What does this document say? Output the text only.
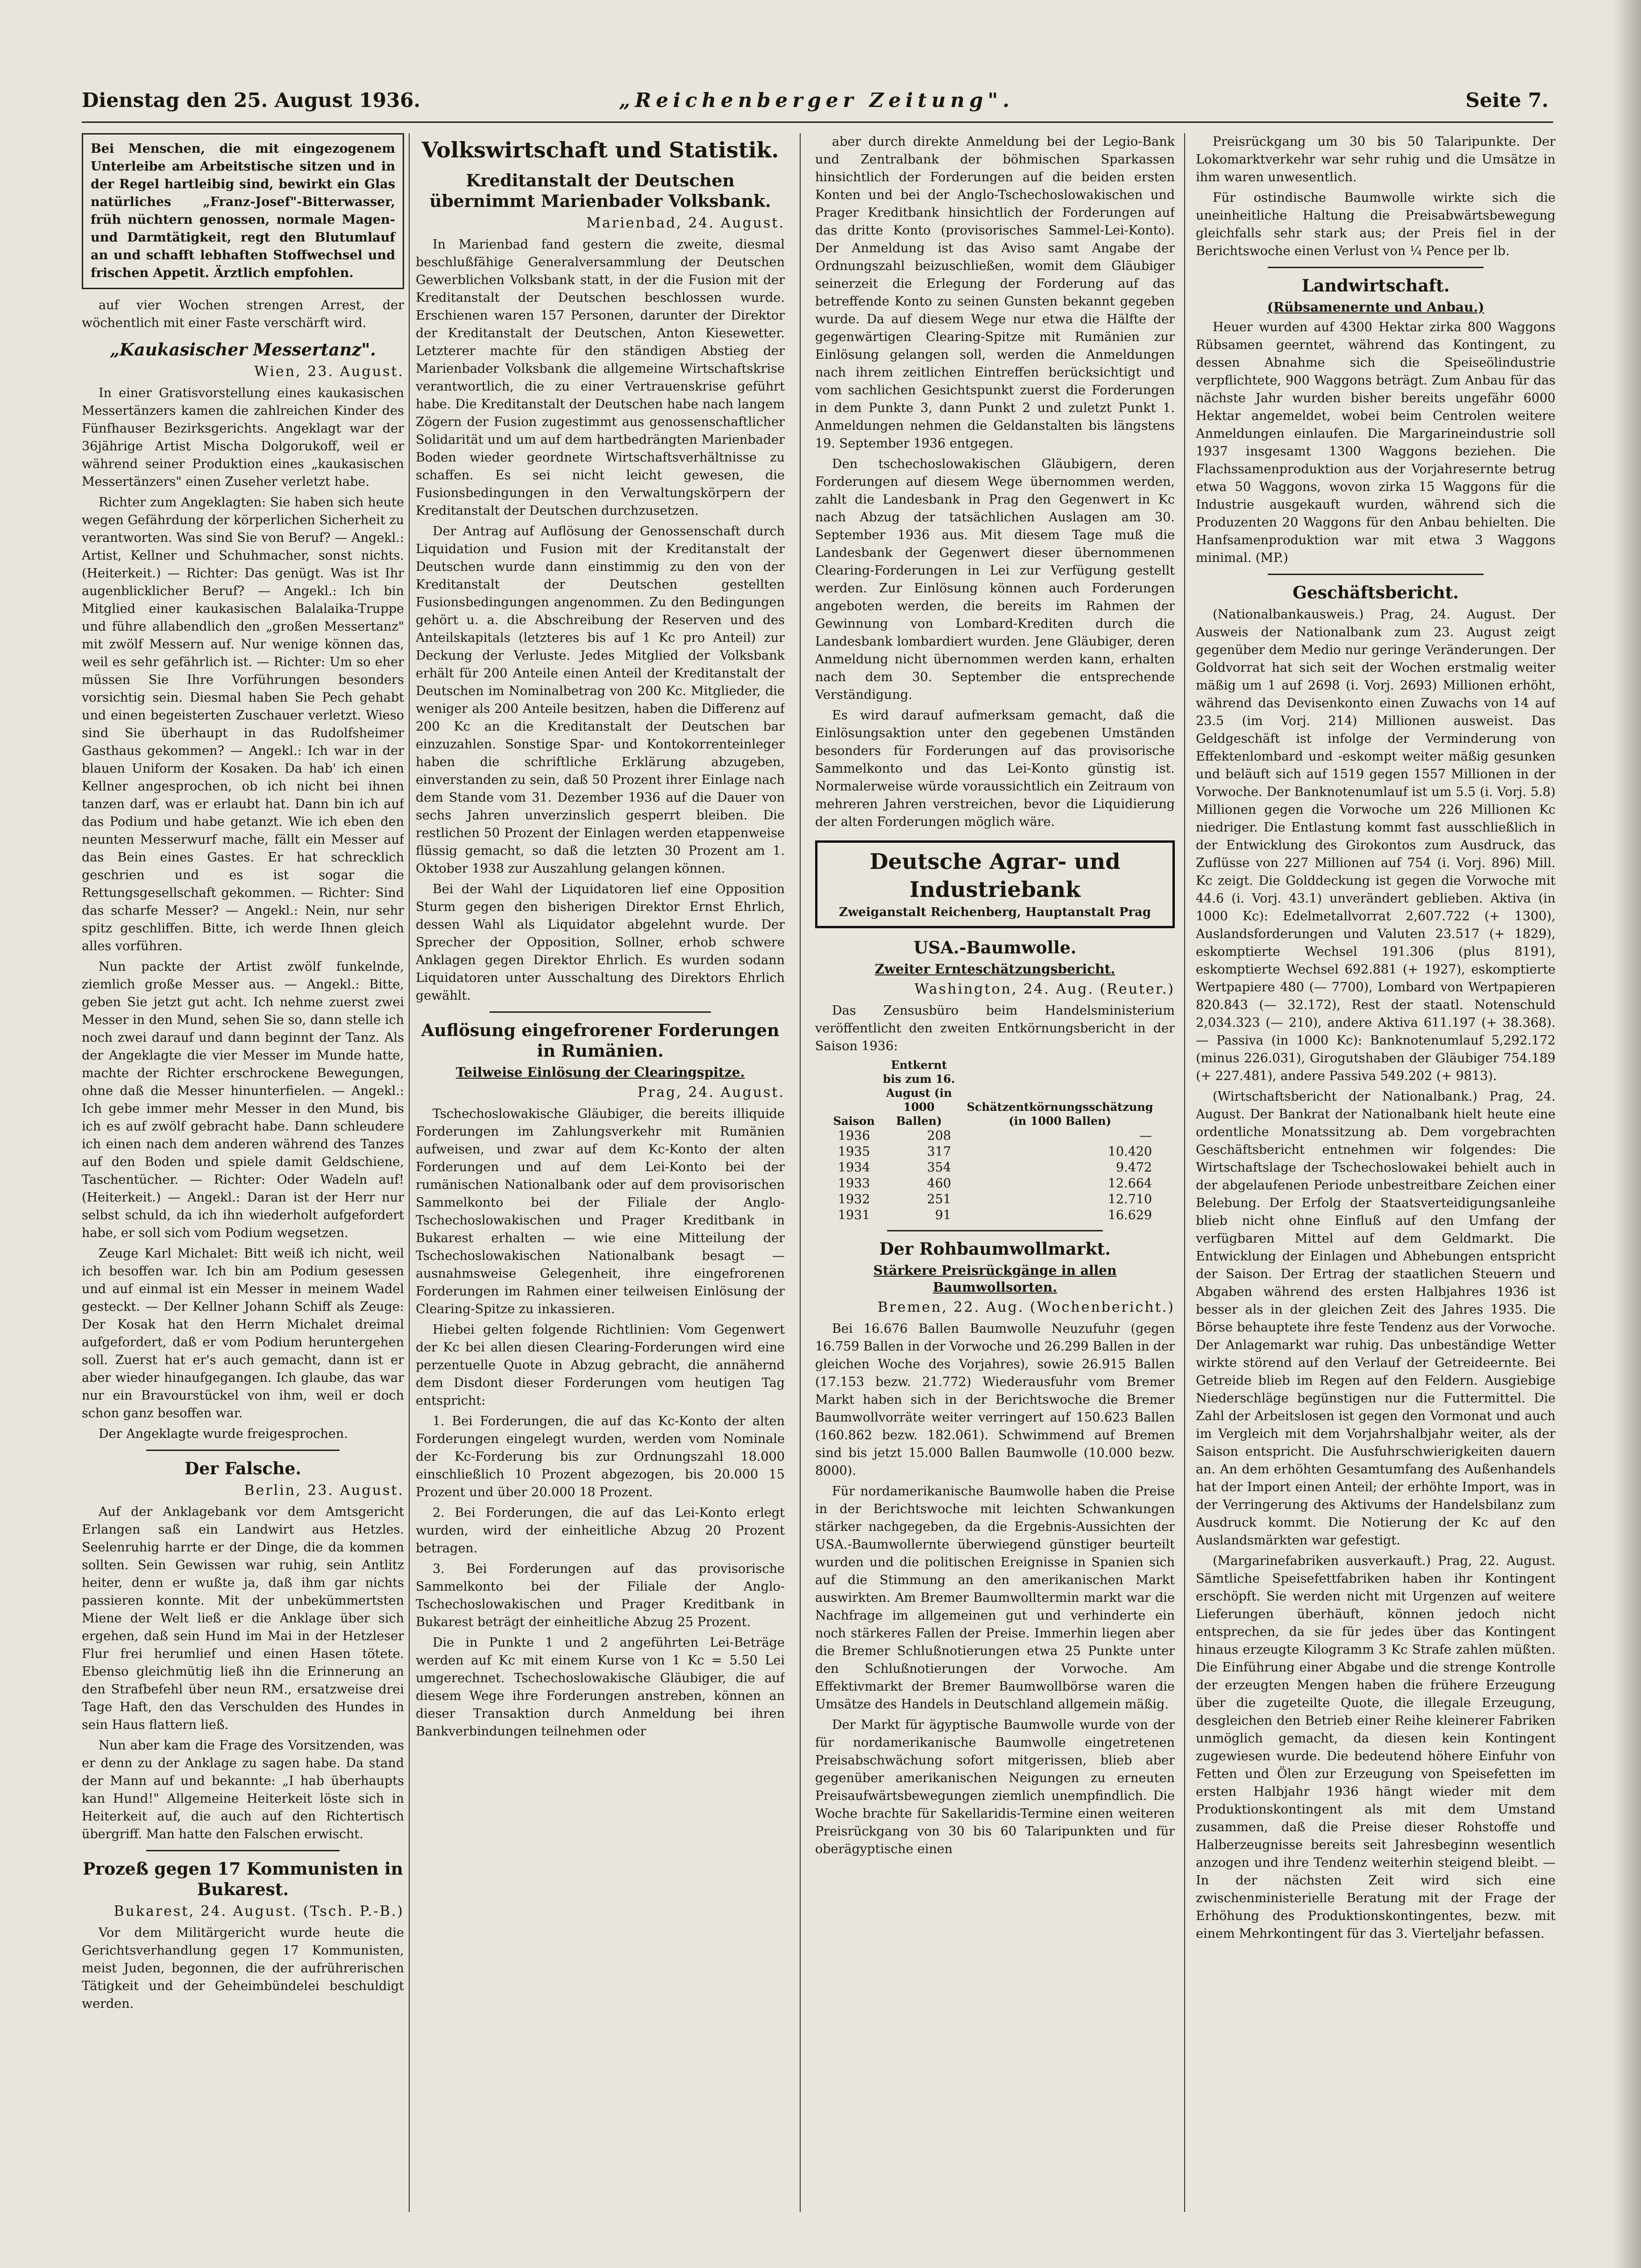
Dienstag den 25. August 1936.	„Reichenberger Zeitung".	Seite 7.
Bei Menschen, die mit eingezogenem Unterleibe am Arbeitstische sitzen und in der Regel hartleibig sind, bewirkt ein Glas natürliches „Franz-Josef"-Bitterwasser, früh nüchtern genossen, normale Magen- und Darmtätigkeit, regt den Blutumlauf an und schafft lebhaften Stoffwechsel und frischen Appetit. Ärztlich empfohlen.

auf vier Wochen strengen Arrest, der wöchentlich mit einer Faste verschärft wird.

„Kaukasischer Messertanz".

Wien, 23. August.

In einer Gratisvorstellung eines kaukasischen Messertänzers kamen die zahlreichen Kinder des Fünfhauser Bezirksgerichts. Angeklagt war der 36jährige Artist Mischa Dolgorukoff, weil er während seiner Produktion eines „kaukasischen Messertänzers" einen Zuseher verletzt habe.

Richter zum Angeklagten: Sie haben sich heute wegen Gefährdung der körperlichen Sicherheit zu verantworten. Was sind Sie von Beruf? — Angekl.: Artist, Kellner und Schuhmacher, sonst nichts. (Heiterkeit.) — Richter: Das genügt. Was ist Ihr augenblicklicher Beruf? — Angekl.: Ich bin Mitglied einer kaukasischen Balalaika-Truppe und führe allabendlich den „großen Messertanz" mit zwölf Messern auf. Nur wenige können das, weil es sehr gefährlich ist. — Richter: Um so eher müssen Sie Ihre Vorführungen besonders vorsichtig sein. Diesmal haben Sie Pech gehabt und einen begeisterten Zuschauer verletzt. Wieso sind Sie überhaupt in das Rudolfsheimer Gasthaus gekommen? — Angekl.: Ich war in der blauen Uniform der Kosaken. Da hab' ich einen Kellner angesprochen, ob ich nicht bei ihnen tanzen darf, was er erlaubt hat. Dann bin ich auf das Podium und habe getanzt. Wie ich eben den neunten Messerwurf mache, fällt ein Messer auf das Bein eines Gastes. Er hat schrecklich geschrien und es ist sogar die Rettungsgesellschaft gekommen. — Richter: Sind das scharfe Messer? — Angekl.: Nein, nur sehr spitz geschliffen. Bitte, ich werde Ihnen gleich alles vorführen.

Nun packte der Artist zwölf funkelnde, ziemlich große Messer aus. — Angekl.: Bitte, geben Sie jetzt gut acht. Ich nehme zuerst zwei Messer in den Mund, sehen Sie so, dann stelle ich noch zwei darauf und dann beginnt der Tanz. Als der Angeklagte die vier Messer im Munde hatte, machte der Richter erschrockene Bewegungen, ohne daß die Messer hinunterfielen. — Angekl.: Ich gebe immer mehr Messer in den Mund, bis ich es auf zwölf gebracht habe. Dann schleudere ich einen nach dem anderen während des Tanzes auf den Boden und spiele damit Geldschiene, Taschentücher. — Richter: Oder Wadeln auf! (Heiterkeit.) — Angekl.: Daran ist der Herr nur selbst schuld, da ich ihn wiederholt aufgefordert habe, er soll sich vom Podium wegsetzen.

Zeuge Karl Michalet: Bitt weiß ich nicht, weil ich besoffen war. Ich bin am Podium gesessen und auf einmal ist ein Messer in meinem Wadel gesteckt. — Der Kellner Johann Schiff als Zeuge: Der Kosak hat den Herrn Michalet dreimal aufgefordert, daß er vom Podium heruntergehen soll. Zuerst hat er's auch gemacht, dann ist er aber wieder hinaufgegangen. Ich glaube, das war nur ein Bravourstückel von ihm, weil er doch schon ganz besoffen war.

Der Angeklagte wurde freigesprochen.

Der Falsche.

Berlin, 23. August.

Auf der Anklagebank vor dem Amtsgericht Erlangen saß ein Landwirt aus Hetzles. Seelenruhig harrte er der Dinge, die da kommen sollten. Sein Gewissen war ruhig, sein Antlitz heiter, denn er wußte ja, daß ihm gar nichts passieren konnte. Mit der unbekümmertsten Miene der Welt ließ er die Anklage über sich ergehen, daß sein Hund im Mai in der Hetzleser Flur frei herumlief und einen Hasen tötete. Ebenso gleichmütig ließ ihn die Erinnerung an den Strafbefehl über neun RM., ersatzweise drei Tage Haft, den das Verschulden des Hundes in sein Haus flattern ließ.

Nun aber kam die Frage des Vorsitzenden, was er denn zu der Anklage zu sagen habe. Da stand der Mann auf und bekannte: „I hab überhaupts kan Hund!" Allgemeine Heiterkeit löste sich in Heiterkeit auf, die auch auf den Richtertisch übergriff. Man hatte den Falschen erwischt.

Prozeß gegen 17 Kommunisten in Bukarest.

Bukarest, 24. August. (Tsch. P.-B.)

Vor dem Militärgericht wurde heute die Gerichtsverhandlung gegen 17 Kommunisten, meist Juden, begonnen, die der aufrührerischen Tätigkeit und der Geheimbündelei beschuldigt werden.

Volkswirtschaft und Statistik.
Kreditanstalt der Deutschen übernimmt Marienbader Volksbank.

Marienbad, 24. August.

In Marienbad fand gestern die zweite, diesmal beschlußfähige Generalversammlung der Deutschen Gewerblichen Volksbank statt, in der die Fusion mit der Kreditanstalt der Deutschen beschlossen wurde. Erschienen waren 157 Personen, darunter der Direktor der Kreditanstalt der Deutschen, Anton Kiesewetter. Letzterer machte für den ständigen Abstieg der Marienbader Volksbank die allgemeine Wirtschaftskrise verantwortlich, die zu einer Vertrauenskrise geführt habe. Die Kreditanstalt der Deutschen habe nach langem Zögern der Fusion zugestimmt aus genossenschaftlicher Solidarität und um auf dem hartbedrängten Marienbader Boden wieder geordnete Wirtschaftsverhältnisse zu schaffen. Es sei nicht leicht gewesen, die Fusionsbedingungen in den Verwaltungskörpern der Kreditanstalt der Deutschen durchzusetzen.

Der Antrag auf Auflösung der Genossenschaft durch Liquidation und Fusion mit der Kreditanstalt der Deutschen wurde dann einstimmig zu den von der Kreditanstalt der Deutschen gestellten Fusionsbedingungen angenommen. Zu den Bedingungen gehört u. a. die Abschreibung der Reserven und des Anteilskapitals (letzteres bis auf 1 Kc pro Anteil) zur Deckung der Verluste. Jedes Mitglied der Volksbank erhält für 200 Anteile einen Anteil der Kreditanstalt der Deutschen im Nominalbetrag von 200 Kc. Mitglieder, die weniger als 200 Anteile besitzen, haben die Differenz auf 200 Kc an die Kreditanstalt der Deutschen bar einzuzahlen. Sonstige Spar- und Kontokorrenteinleger haben die schriftliche Erklärung abzugeben, einverstanden zu sein, daß 50 Prozent ihrer Einlage nach dem Stande vom 31. Dezember 1936 auf die Dauer von sechs Jahren unverzinslich gesperrt bleiben. Die restlichen 50 Prozent der Einlagen werden etappenweise flüssig gemacht, so daß die letzten 30 Prozent am 1. Oktober 1938 zur Auszahlung gelangen können.

Bei der Wahl der Liquidatoren lief eine Opposition Sturm gegen den bisherigen Direktor Ernst Ehrlich, dessen Wahl als Liquidator abgelehnt wurde. Der Sprecher der Opposition, Sollner, erhob schwere Anklagen gegen Direktor Ehrlich. Es wurden sodann Liquidatoren unter Ausschaltung des Direktors Ehrlich gewählt.

Auflösung eingefrorener Forderungen in Rumänien.
Teilweise Einlösung der Clearingspitze.

Prag, 24. August.

Tschechoslowakische Gläubiger, die bereits illiquide Forderungen im Zahlungsverkehr mit Rumänien aufweisen, und zwar auf dem Kc-Konto der alten Forderungen und auf dem Lei-Konto bei der rumänischen Nationalbank oder auf dem provisorischen Sammelkonto bei der Filiale der Anglo-Tschechoslowakischen und Prager Kreditbank in Bukarest erhalten — wie eine Mitteilung der Tschechoslowakischen Nationalbank besagt — ausnahmsweise Gelegenheit, ihre eingefrorenen Forderungen im Rahmen einer teilweisen Einlösung der Clearing-Spitze zu inkassieren.

Hiebei gelten folgende Richtlinien: Vom Gegenwert der Kc bei allen diesen Clearing-Forderungen wird eine perzentuelle Quote in Abzug gebracht, die annähernd dem Disdont dieser Forderungen vom heutigen Tag entspricht:

1. Bei Forderungen, die auf das Kc-Konto der alten Forderungen eingelegt wurden, werden vom Nominale der Kc-Forderung bis zur Ordnungszahl 18.000 einschließlich 10 Prozent abgezogen, bis 20.000 15 Prozent und über 20.000 18 Prozent.

2. Bei Forderungen, die auf das Lei-Konto erlegt wurden, wird der einheitliche Abzug 20 Prozent betragen.

3. Bei Forderungen auf das provisorische Sammelkonto bei der Filiale der Anglo-Tschechoslowakischen und Prager Kreditbank in Bukarest beträgt der einheitliche Abzug 25 Prozent.

Die in Punkte 1 und 2 angeführten Lei-Beträge werden auf Kc mit einem Kurse von 1 Kc = 5.50 Lei umgerechnet. Tschechoslowakische Gläubiger, die auf diesem Wege ihre Forderungen anstreben, können an dieser Transaktion durch Anmeldung bei ihren Bankverbindungen teilnehmen oder

aber durch direkte Anmeldung bei der Legio-Bank und Zentralbank der böhmischen Sparkassen hinsichtlich der Forderungen auf die beiden ersten Konten und bei der Anglo-Tschechoslowakischen und Prager Kreditbank hinsichtlich der Forderungen auf das dritte Konto (provisorisches Sammel-Lei-Konto). Der Anmeldung ist das Aviso samt Angabe der Ordnungszahl beizuschließen, womit dem Gläubiger seinerzeit die Erlegung der Forderung auf das betreffende Konto zu seinen Gunsten bekannt gegeben wurde. Da auf diesem Wege nur etwa die Hälfte der gegenwärtigen Clearing-Spitze mit Rumänien zur Einlösung gelangen soll, werden die Anmeldungen nach ihrem zeitlichen Eintreffen berücksichtigt und vom sachlichen Gesichtspunkt zuerst die Forderungen in dem Punkte 3, dann Punkt 2 und zuletzt Punkt 1. Anmeldungen nehmen die Geldanstalten bis längstens 19. September 1936 entgegen.

Den tschechoslowakischen Gläubigern, deren Forderungen auf diesem Wege übernommen werden, zahlt die Landesbank in Prag den Gegenwert in Kc nach Abzug der tatsächlichen Auslagen am 30. September 1936 aus. Mit diesem Tage muß die Landesbank der Gegenwert dieser übernommenen Clearing-Forderungen in Lei zur Verfügung gestellt werden. Zur Einlösung können auch Forderungen angeboten werden, die bereits im Rahmen der Gewinnung von Lombard-Krediten durch die Landesbank lombardiert wurden. Jene Gläubiger, deren Anmeldung nicht übernommen werden kann, erhalten nach dem 30. September die entsprechende Verständigung.

Es wird darauf aufmerksam gemacht, daß die Einlösungsaktion unter den gegebenen Umständen besonders für Forderungen auf das provisorische Sammelkonto und das Lei-Konto günstig ist. Normalerweise würde voraussichtlich ein Zeitraum von mehreren Jahren verstreichen, bevor die Liquidierung der alten Forderungen möglich wäre.

Deutsche Agrar- und Industriebank
Zweiganstalt Reichenberg, Hauptanstalt Prag
USA.-Baumwolle.
Zweiter Ernteschätzungsbericht.

Washington, 24. Aug. (Reuter.)

Das Zensusbüro beim Handelsministerium veröffentlicht den zweiten Entkörnungsbericht in der Saison 1936:

Saison	Entkernt bis zum 16. August (in 1000 Ballen)	Schätzentkörnungsschätzung (in 1000 Ballen)
1936	208	—
1935	317	10.420
1934	354	9.472
1933	460	12.664
1932	251	12.710
1931	91	16.629
Der Rohbaumwollmarkt.
Stärkere Preisrückgänge in allen Baumwollsorten.

Bremen, 22. Aug. (Wochenbericht.)

Bei 16.676 Ballen Baumwolle Neuzufuhr (gegen 16.759 Ballen in der Vorwoche und 26.299 Ballen in der gleichen Woche des Vorjahres), sowie 26.915 Ballen (17.153 bezw. 21.772) Wiederausfuhr vom Bremer Markt haben sich in der Berichtswoche die Bremer Baumwollvorräte weiter verringert auf 150.623 Ballen (160.862 bezw. 182.061). Schwimmend auf Bremen sind bis jetzt 15.000 Ballen Baumwolle (10.000 bezw. 8000).

Für nordamerikanische Baumwolle haben die Preise in der Berichtswoche mit leichten Schwankungen stärker nachgegeben, da die Ergebnis-Aussichten der USA.-Baumwollernte überwiegend günstiger beurteilt wurden und die politischen Ereignisse in Spanien sich auf die Stimmung an den amerikanischen Markt auswirkten. Am Bremer Baumwolltermin markt war die Nachfrage im allgemeinen gut und verhinderte ein noch stärkeres Fallen der Preise. Immerhin liegen aber die Bremer Schlußnotierungen etwa 25 Punkte unter den Schlußnotierungen der Vorwoche. Am Effektivmarkt der Bremer Baumwollbörse waren die Umsätze des Handels in Deutschland allgemein mäßig.

Der Markt für ägyptische Baumwolle wurde von der für nordamerikanische Baumwolle eingetretenen Preisabschwächung sofort mitgerissen, blieb aber gegenüber amerikanischen Neigungen zu erneuten Preisaufwärtsbewegungen ziemlich unempfindlich. Die Woche brachte für Sakellaridis-Termine einen weiteren Preisrückgang von 30 bis 60 Talaripunkten und für oberägyptische einen

Preisrückgang um 30 bis 50 Talaripunkte. Der Lokomarktverkehr war sehr ruhig und die Umsätze in ihm waren unwesentlich.

Für ostindische Baumwolle wirkte sich die uneinheitliche Haltung die Preisabwärtsbewegung gleichfalls sehr stark aus; der Preis fiel in der Berichtswoche einen Verlust von ¼ Pence per lb.

Landwirtschaft.
(Rübsamenernte und Anbau.)

Heuer wurden auf 4300 Hektar zirka 800 Waggons Rübsamen geerntet, während das Kontingent, zu dessen Abnahme sich die Speiseölindustrie verpflichtete, 900 Waggons beträgt. Zum Anbau für das nächste Jahr wurden bisher bereits ungefähr 6000 Hektar angemeldet, wobei beim Centrolen weitere Anmeldungen einlaufen. Die Margarineindustrie soll 1937 insgesamt 1300 Waggons beziehen. Die Flachssamenproduktion aus der Vorjahresernte betrug etwa 50 Waggons, wovon zirka 15 Waggons für die Industrie ausgekauft wurden, während sich die Produzenten 20 Waggons für den Anbau behielten. Die Hanfsamenproduktion war mit etwa 3 Waggons minimal. (MP.)

Geschäftsbericht.

(Nationalbankausweis.) Prag, 24. August. Der Ausweis der Nationalbank zum 23. August zeigt gegenüber dem Medio nur geringe Veränderungen. Der Goldvorrat hat sich seit der Wochen erstmalig weiter mäßig um 1 auf 2698 (i. Vorj. 2693) Millionen erhöht, während das Devisenkonto einen Zuwachs von 14 auf 23.5 (im Vorj. 214) Millionen ausweist. Das Geldgeschäft ist infolge der Verminderung von Effektenlombard und -eskompt weiter mäßig gesunken und beläuft sich auf 1519 gegen 1557 Millionen in der Vorwoche. Der Banknotenumlauf ist um 5.5 (i. Vorj. 5.8) Millionen gegen die Vorwoche um 226 Millionen Kc niedriger. Die Entlastung kommt fast ausschließlich in der Entwicklung des Girokontos zum Ausdruck, das Zuflüsse von 227 Millionen auf 754 (i. Vorj. 896) Mill. Kc zeigt. Die Golddeckung ist gegen die Vorwoche mit 44.6 (i. Vorj. 43.1) unverändert geblieben. Aktiva (in 1000 Kc): Edelmetallvorrat 2,607.722 (+ 1300), Auslandsforderungen und Valuten 23.517 (+ 1829), eskomptierte Wechsel 191.306 (plus 8191), eskomptierte Wechsel 692.881 (+ 1927), eskomptierte Wertpapiere 480 (— 7700), Lombard von Wertpapieren 820.843 (— 32.172), Rest der staatl. Notenschuld 2,034.323 (— 210), andere Aktiva 611.197 (+ 38.368). — Passiva (in 1000 Kc): Banknotenumlauf 5,292.172 (minus 226.031), Girogutshaben der Gläubiger 754.189 (+ 227.481), andere Passiva 549.202 (+ 9813).

(Wirtschaftsbericht der Nationalbank.) Prag, 24. August. Der Bankrat der Nationalbank hielt heute eine ordentliche Monatssitzung ab. Dem vorgebrachten Geschäftsbericht entnehmen wir folgendes: Die Wirtschaftslage der Tschechoslowakei behielt auch in der abgelaufenen Periode unbestreitbare Zeichen einer Belebung. Der Erfolg der Staatsverteidigungsanleihe blieb nicht ohne Einfluß auf den Umfang der verfügbaren Mittel auf dem Geldmarkt. Die Entwicklung der Einlagen und Abhebungen entspricht der Saison. Der Ertrag der staatlichen Steuern und Abgaben während des ersten Halbjahres 1936 ist besser als in der gleichen Zeit des Jahres 1935. Die Börse behauptete ihre feste Tendenz aus der Vorwoche. Der Anlagemarkt war ruhig. Das unbeständige Wetter wirkte störend auf den Verlauf der Getreideernte. Bei Getreide blieb im Regen auf den Feldern. Ausgiebige Niederschläge begünstigen nur die Futtermittel. Die Zahl der Arbeitslosen ist gegen den Vormonat und auch im Vergleich mit dem Vorjahrshalbjahr weiter, als der Saison entspricht. Die Ausfuhrschwierigkeiten dauern an. An dem erhöhten Gesamtumfang des Außenhandels hat der Import einen Anteil; der erhöhte Import, was in der Verringerung des Aktivums der Handelsbilanz zum Ausdruck kommt. Die Notierung der Kc auf den Auslandsmärkten war gefestigt.

(Margarinefabriken ausverkauft.) Prag, 22. August. Sämtliche Speisefettfabriken haben ihr Kontingent erschöpft. Sie werden nicht mit Urgenzen auf weitere Lieferungen überhäuft, können jedoch nicht entsprechen, da sie für jedes über das Kontingent hinaus erzeugte Kilogramm 3 Kc Strafe zahlen müßten. Die Einführung einer Abgabe und die strenge Kontrolle der erzeugten Mengen haben die frühere Erzeugung über die zugeteilte Quote, die illegale Erzeugung, desgleichen den Betrieb einer Reihe kleinerer Fabriken unmöglich gemacht, da diesen kein Kontingent zugewiesen wurde. Die bedeutend höhere Einfuhr von Fetten und Ölen zur Erzeugung von Speisefetten im ersten Halbjahr 1936 hängt wieder mit dem Produktionskontingent als mit dem Umstand zusammen, daß die Preise dieser Rohstoffe und Halberzeugnisse bereits seit Jahresbeginn wesentlich anzogen und ihre Tendenz weiterhin steigend bleibt. — In der nächsten Zeit wird sich eine zwischenministerielle Beratung mit der Frage der Erhöhung des Produktionskontingentes, bezw. mit einem Mehrkontingent für das 3. Vierteljahr befassen.
